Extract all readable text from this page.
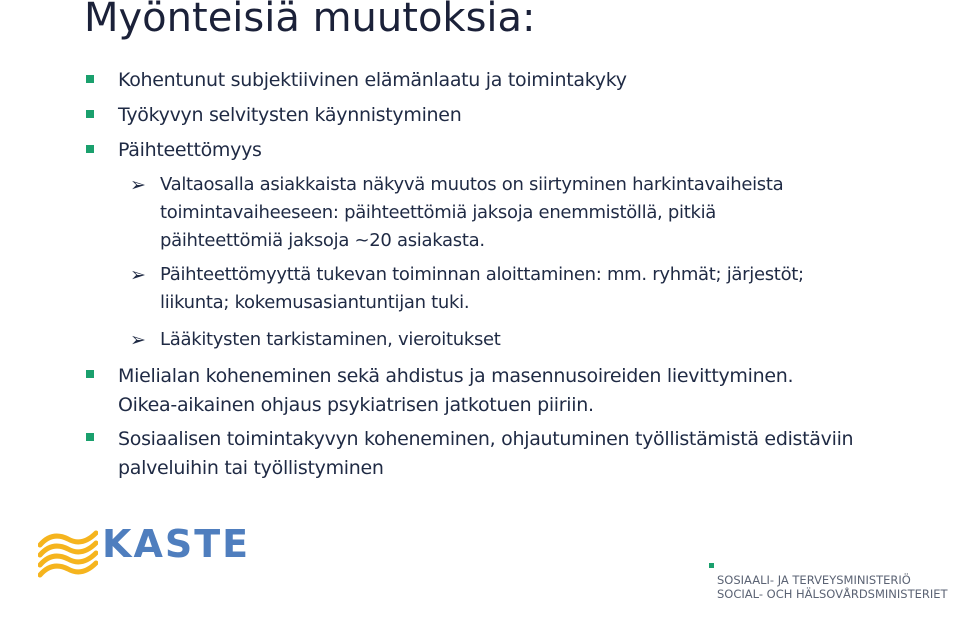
Myönteisiä muutoksia:
Kohentunut subjektiivinen elämänlaatu ja toimintakyky
Työkyvyn selvitysten käynnistyminen
Päihteettömyys
➢ Valtaosalla asiakkaista näkyvä muutos on siirtyminen harkintavaiheista
toimintavaiheeseen: päihteettömiä jaksoja enemmistöllä, pitkiä
päihteettömiä jaksoja ~20 asiakasta.
➢ Päihteettömyyttä tukevan toiminnan aloittaminen: mm. ryhmät; järjestöt;
liikunta; kokemusasiantuntijan tuki.
➢ Lääkitysten tarkistaminen, vieroitukset
Mielialan koheneminen sekä ahdistus ja masennusoireiden lievittyminen.
Oikea-aikainen ohjaus psykiatrisen jatkotuen piiriin.
Sosiaalisen toimintakyvyn koheneminen, ohjautuminen työllistämistä edistäviin
palveluihin tai työllistyminen
KASTE
SOSIAALI- JA TERVEYSMINISTERIÖ
SOCIAL- OCH HÄLSOVÅRDSMINISTERIET
